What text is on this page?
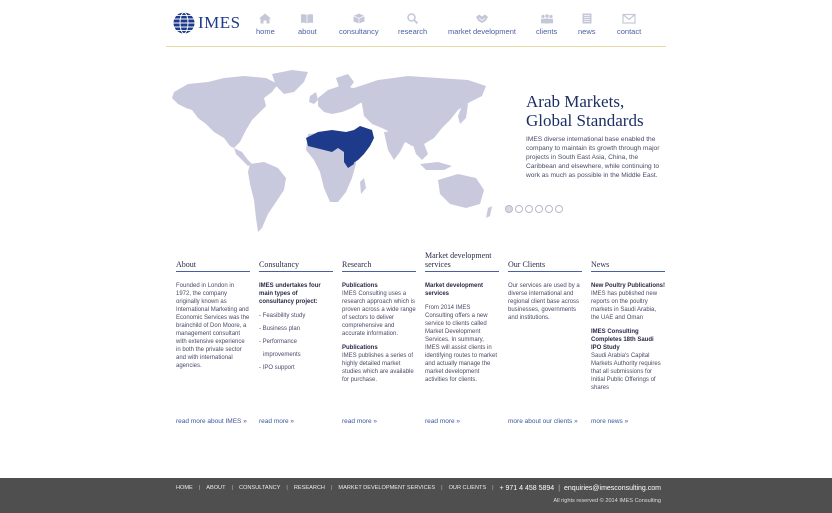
IMES home	about	consultancy	research	market development	clients	news	contact
Arab Markets,
Global Standards
IMES diverse international base enabled the company to maintain its growth through major projects in South East Asia, China, the Caribbean and elsewhere, while continuing to work as much as possible in the Middle East.
About

Founded in London in 1972, the company originally known as International Marketing and Economic Services was the brainchild of Don Moore, a management consultant with extensive experience in both the private sector and with international agencies.

read more about IMES »
Consultancy

IMES undertakes four main types of consultancy project:

- Feasibility study
- Business plan
- Performance
improvements
- IPO support
read more »
Research

Publications

IMES Consulting uses a research approach which is proven across a wide range of sectors to deliver comprehensive and accurate information.

Publications

IMES publishes a series of highly detailed market studies which are available for purchase.

read more »
Market development
services

Market development services

From 2014 IMES Consulting offers a new service to clients called Market Development Services. In summary, IMES will assist clients in identifying routes to market and actually manage the market development activities for clients.

read more »
Our Clients

Our services are used by a diverse international and regional client base across businesses, governments and institutions.

more about our clients »
News

New Poultry Publications!

IMES has published new reports on the poultry markets in Saudi Arabia, the UAE and Oman

IMES Consulting Completes 18th Saudi IPO Study

Saudi Arabia's Capital Markets Authority requires that all submissions for Initial Public Offerings of shares

more news »
HOME | ABOUT | CONSULTANCY | RESEARCH | MARKET DEVELOPMENT SERVICES | OUR CLIENTS | + 971 4 458 5894 | enquiries@imesconsulting.com
All rights reserved © 2014 IMES Consulting
